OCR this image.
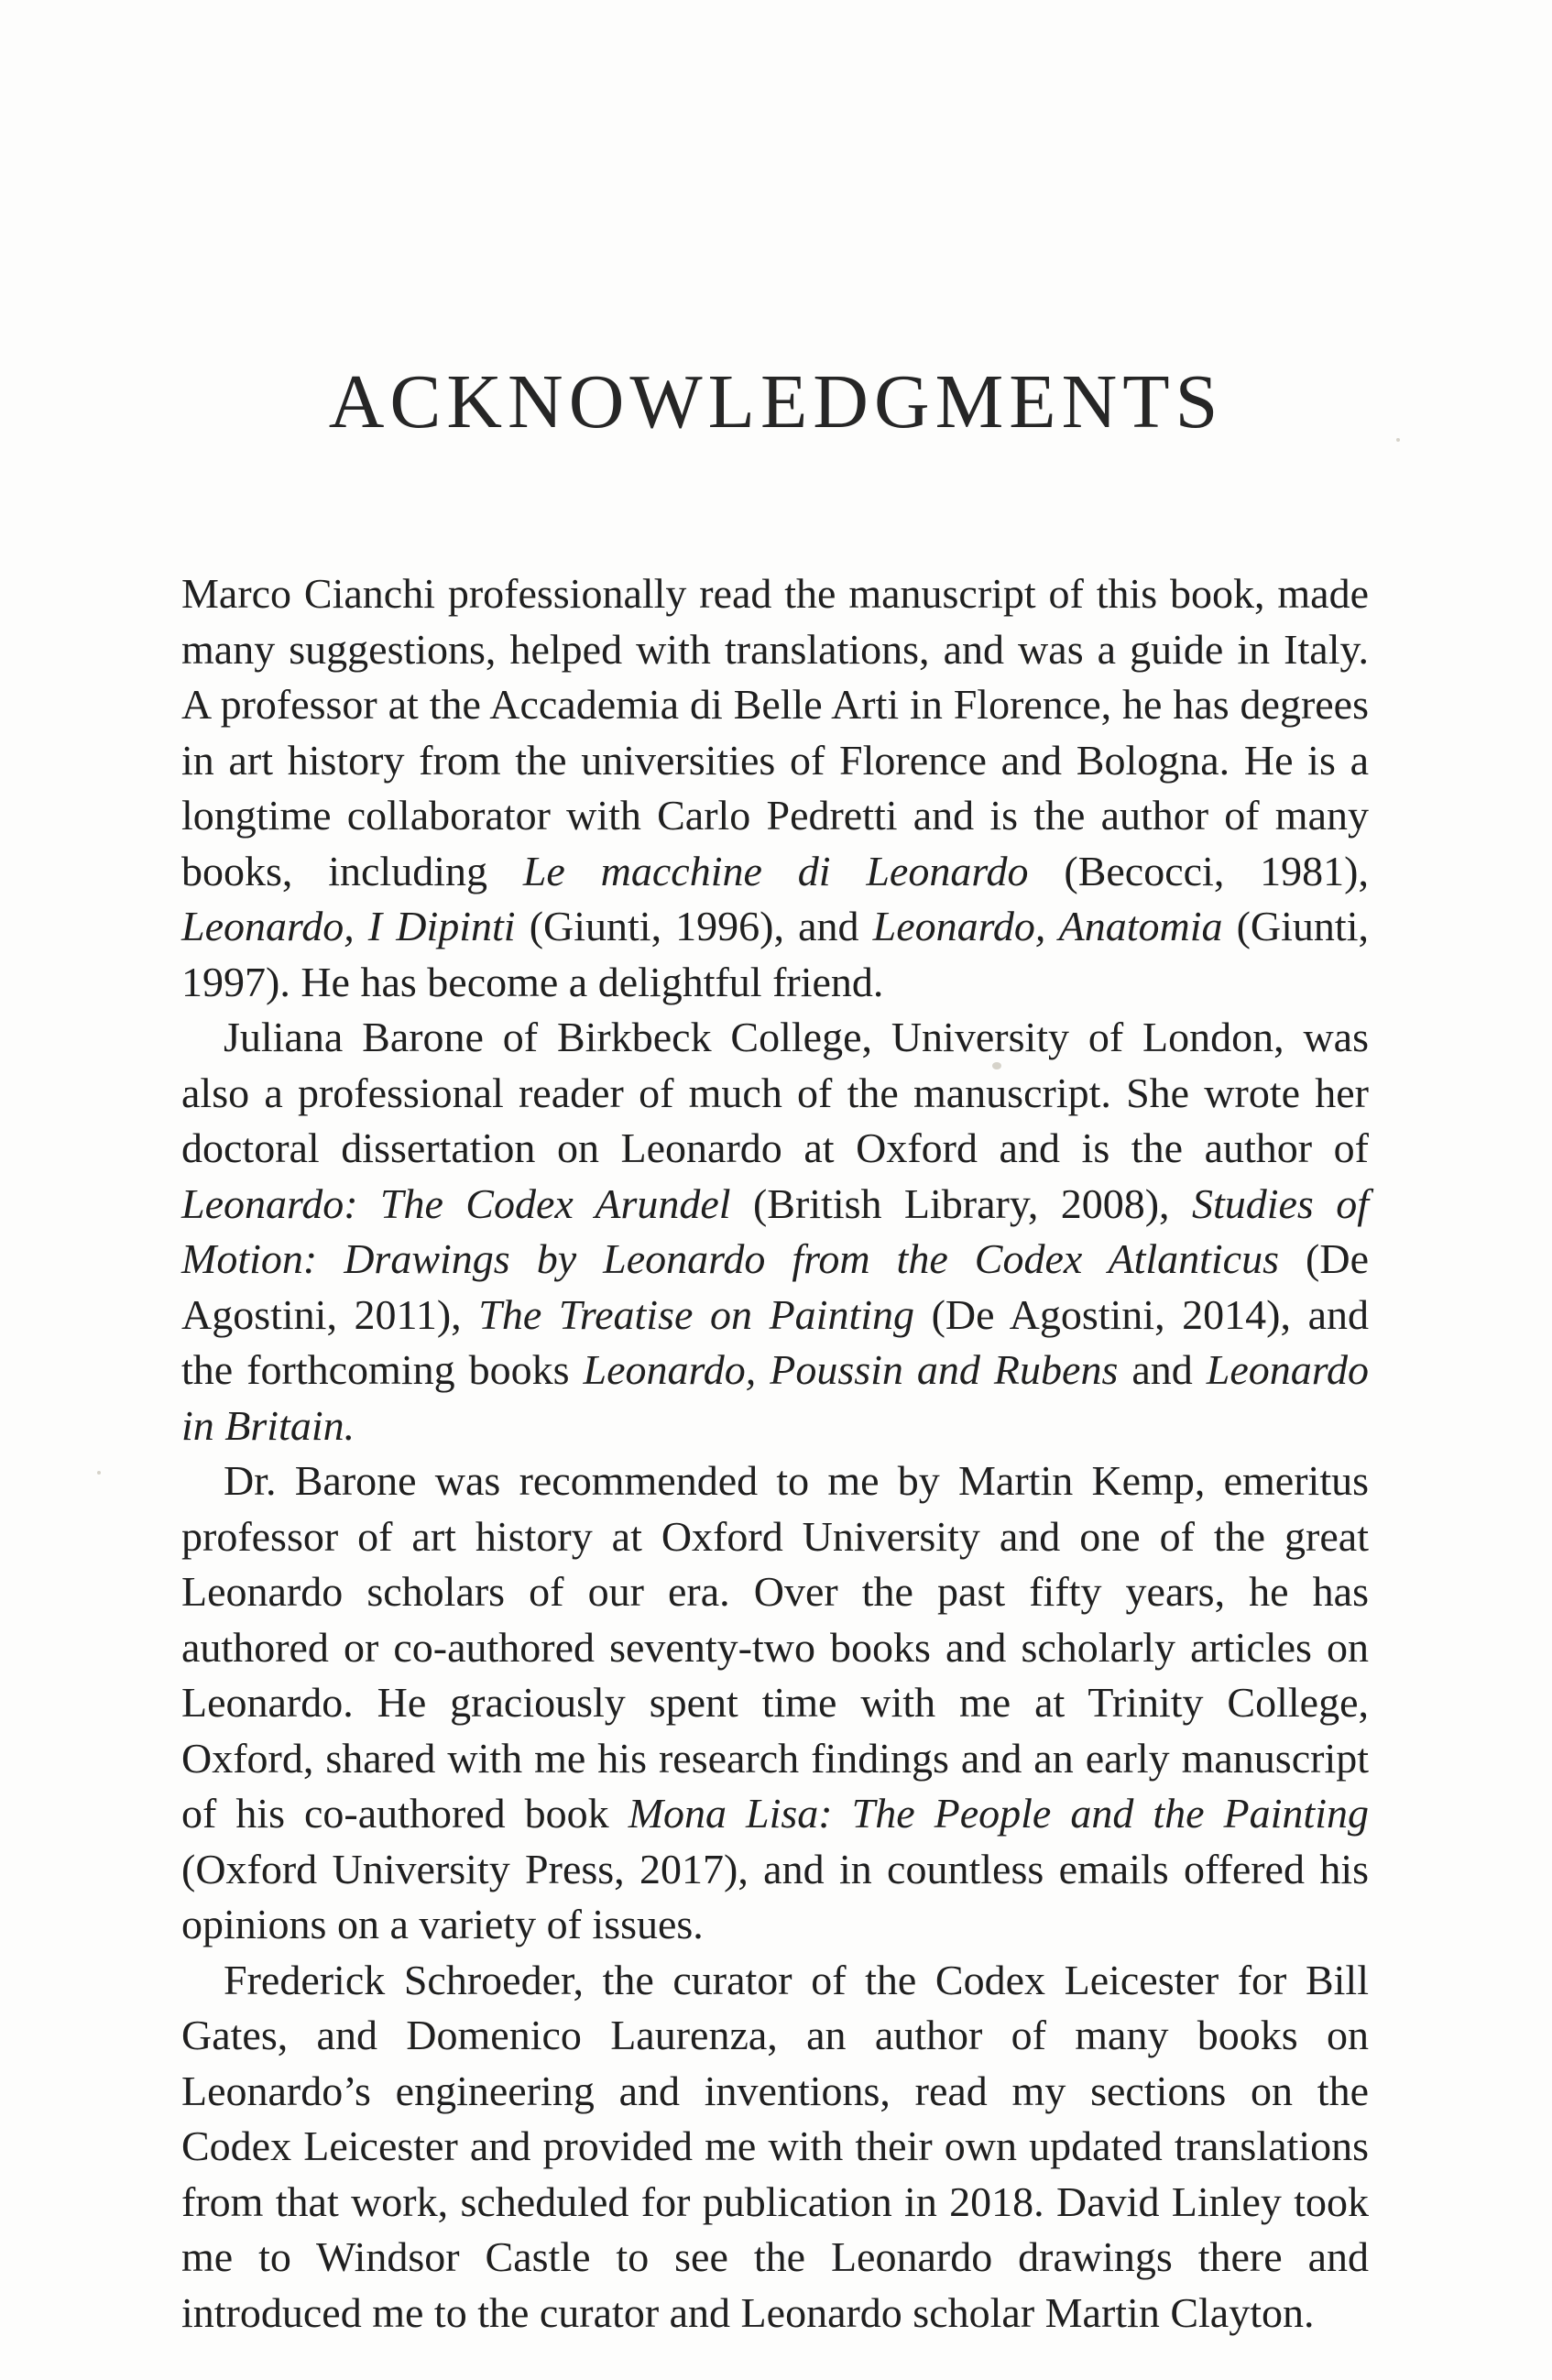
ACKNOWLEDGMENTS

Marco Cianchi professionally read the manuscript of this book, made many suggestions, helped with translations, and was a guide in Italy. A professor at the Accademia di Belle Arti in Florence, he has degrees in art history from the universities of Florence and Bologna. He is a longtime collaborator with Carlo Pedretti and is the author of many books, including Le macchine di Leonardo (Becocci, 1981), Leonardo, I Dipinti (Giunti, 1996), and Leonardo, Anatomia (Giunti, 1997). He has become a delightful friend.

Juliana Barone of Birkbeck College, University of London, was also a professional reader of much of the manuscript. She wrote her doctoral dissertation on Leonardo at Oxford and is the author of Leonardo: The Codex Arundel (British Library, 2008), Studies of Motion: Drawings by Leonardo from the Codex Atlanticus (De Agostini, 2011), The Treatise on Painting (De Agostini, 2014), and the forthcoming books Leonardo, Poussin and Rubens and Leonardo in Britain.

Dr. Barone was recommended to me by Martin Kemp, emeritus professor of art history at Oxford University and one of the great Leonardo scholars of our era. Over the past fifty years, he has authored or co-authored seventy-two books and scholarly articles on Leonardo. He graciously spent time with me at Trinity College, Oxford, shared with me his research findings and an early manuscript of his co-authored book Mona Lisa: The People and the Painting (Oxford University Press, 2017), and in countless emails offered his opinions on a variety of issues.

Frederick Schroeder, the curator of the Codex Leicester for Bill Gates, and Domenico Laurenza, an author of many books on Leonardo’s engineering and inventions, read my sections on the Codex Leicester and provided me with their own updated translations from that work, scheduled for publication in 2018. David Linley took me to Windsor Castle to see the Leonardo drawings there and introduced me to the curator and Leonardo scholar Martin Clayton.
